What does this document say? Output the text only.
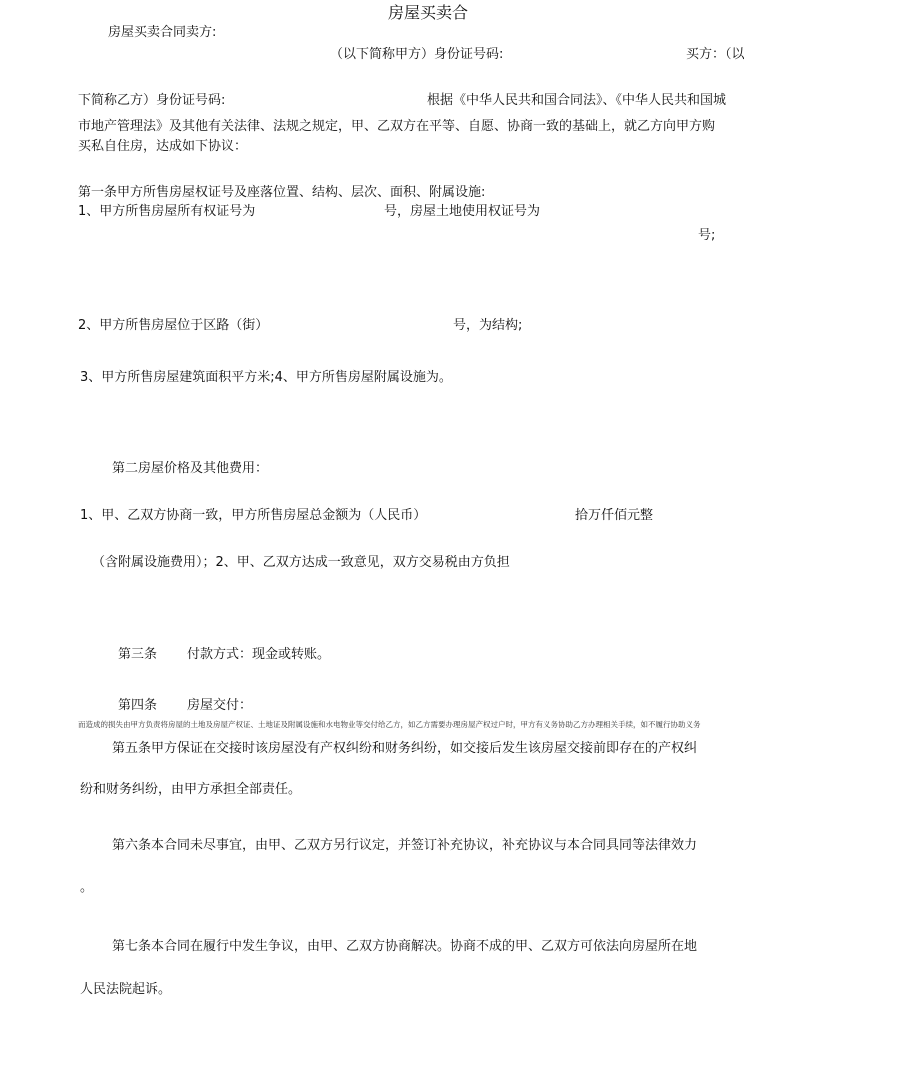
房屋买卖合
房屋买卖合同卖方:
（以下简称甲方）身份证号码:	买方：（以
下简称乙方）身份证号码:	根据《中华人民共和国合同法》、《中华人民共和国城
市地产管理法》及其他有关法律、法规之规定，甲、乙双方在平等、自愿、协商一致的基础上，就乙方向甲方购
买私自住房，达成如下协议：
第一条甲方所售房屋权证号及座落位置、结构、层次、面积、附属设施:
1、甲方所售房屋所有权证号为	号，房屋土地使用权证号为
号;
2、甲方所售房屋位于区路（街）	号，为结构;
3、甲方所售房屋建筑面积平方米;4、甲方所售房屋附属设施为。
第二房屋价格及其他费用：
1、甲、乙双方协商一致，甲方所售房屋总金额为（人民币）	拾万仟佰元整
（含附属设施费用）；2、甲、乙双方达成一致意见，双方交易税由方负担
第三条 付款方式：现金或转账。
第四条 房屋交付：
而造成的损失由甲方负责将房屋的土地及房屋产权证、土地证及附属设施和水电物业等交付给乙方，如乙方需要办理房屋产权过户时，甲方有义务协助乙方办理相关手续，如不履行协助义务
第五条甲方保证在交接时该房屋没有产权纠纷和财务纠纷，如交接后发生该房屋交接前即存在的产权纠
纷和财务纠纷，由甲方承担全部责任。
第六条本合同未尽事宜，由甲、乙双方另行议定，并签订补充协议，补充协议与本合同具同等法律效力
。
第七条本合同在履行中发生争议，由甲、乙双方协商解决。协商不成的甲、乙双方可依法向房屋所在地
人民法院起诉。
